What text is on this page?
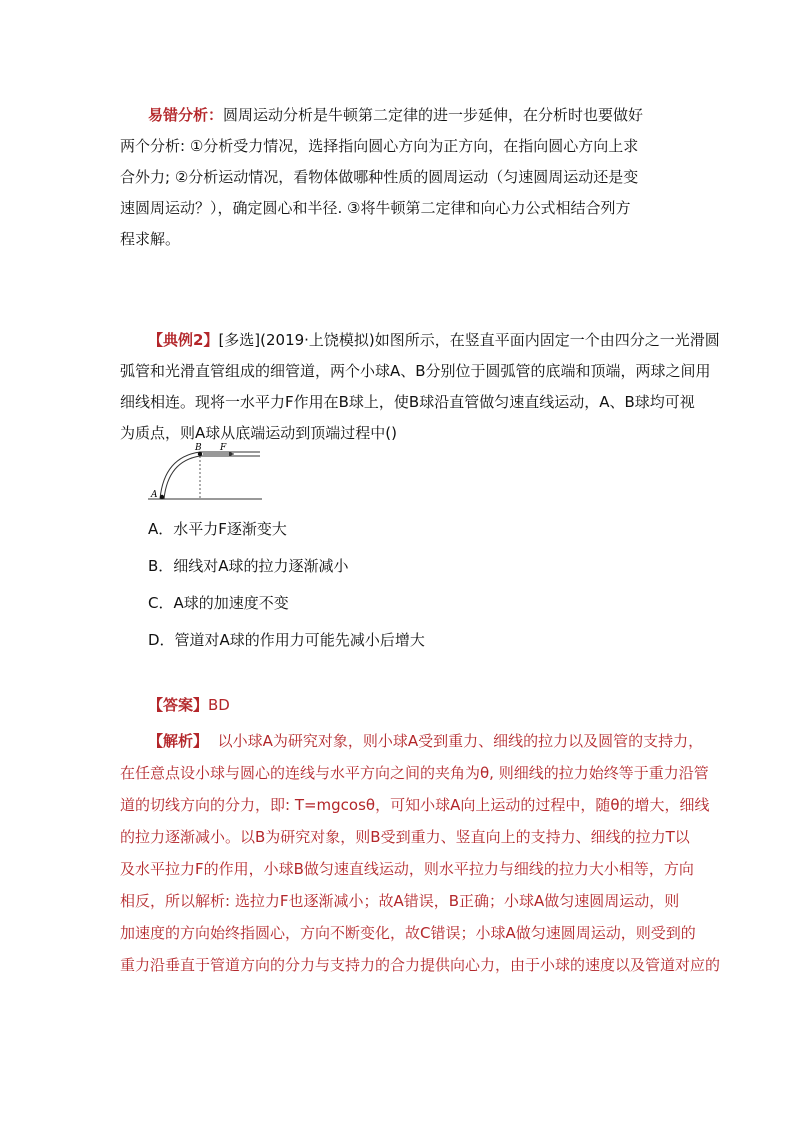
易错分析：圆周运动分析是牛顿第二定律的进一步延伸，在分析时也要做好
两个分析: ①分析受力情况，选择指向圆心方向为正方向，在指向圆心方向上求
合外力; ②分析运动情况，看物体做哪种性质的圆周运动（匀速圆周运动还是变
速圆周运动？），确定圆心和半径. ③将牛顿第二定律和向心力公式相结合列方
程求解。
【典例2】[多选](2019·上饶模拟)如图所示，在竖直平面内固定一个由四分之一光滑圆
弧管和光滑直管组成的细管道，两个小球A、B分别位于圆弧管的底端和顶端，两球之间用
细线相连。现将一水平力F作用在B球上，使B球沿直管做匀速直线运动，A、B球均可视
为质点，则A球从底端运动到顶端过程中()
A
B F
A．水平力F逐渐变大
B．细线对A球的拉力逐渐减小
C．A球的加速度不变
D．管道对A球的作用力可能先减小后增大
【答案】BD
【解析】 以小球A为研究对象，则小球A受到重力、细线的拉力以及圆管的支持力，
在任意点设小球与圆心的连线与水平方向之间的夹角为θ, 则细线的拉力始终等于重力沿管
道的切线方向的分力，即: T=mgcosθ，可知小球A向上运动的过程中，随θ的增大，细线
的拉力逐渐减小。以B为研究对象，则B受到重力、竖直向上的支持力、细线的拉力T以
及水平拉力F的作用，小球B做匀速直线运动，则水平拉力与细线的拉力大小相等，方向
相反，所以解析: 选拉力F也逐渐减小；故A错误，B正确；小球A做匀速圆周运动，则
加速度的方向始终指圆心，方向不断变化，故C错误；小球A做匀速圆周运动，则受到的
重力沿垂直于管道方向的分力与支持力的合力提供向心力，由于小球的速度以及管道对应的
